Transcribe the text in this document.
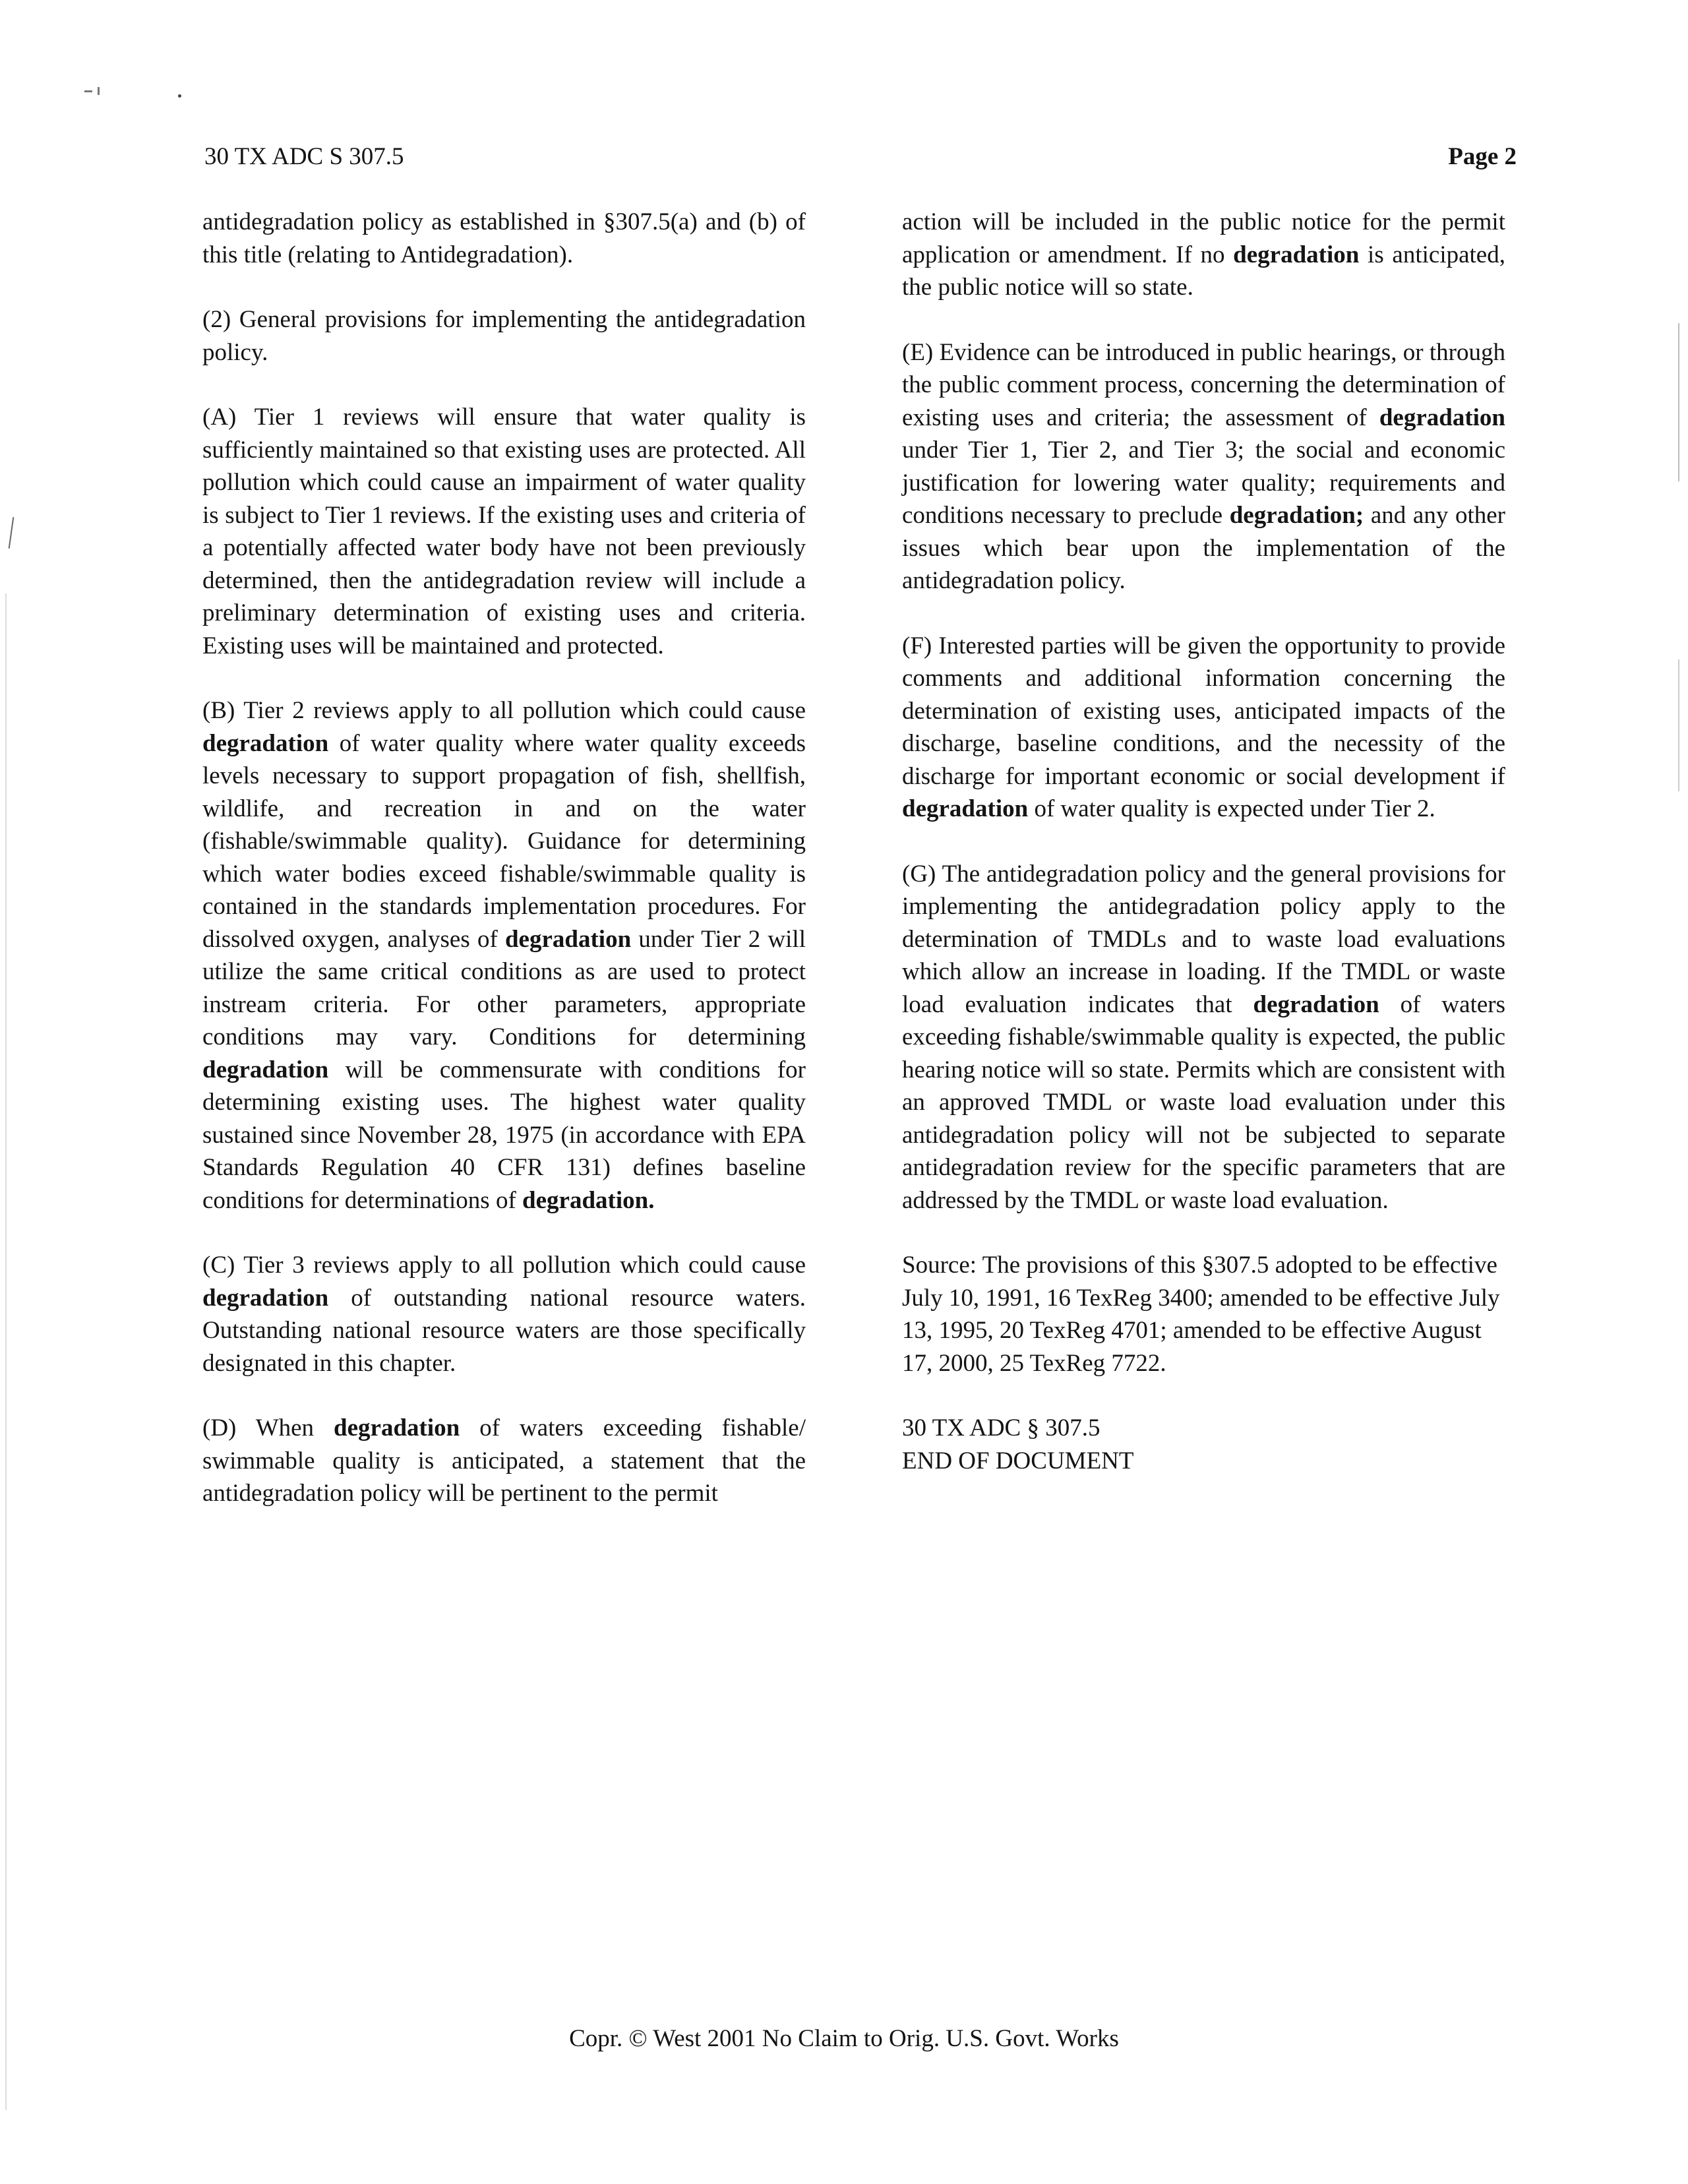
30 TX ADC S 307.5	Page 2

antidegradation policy as established in §307.5(a) and (b) of this title (relating to Antidegradation).

(2) General provisions for implementing the antidegradation policy.

(A) Tier 1 reviews will ensure that water quality is sufficiently maintained so that existing uses are protected. All pollution which could cause an impairment of water quality is subject to Tier 1 reviews. If the existing uses and criteria of a potentially affected water body have not been previously determined, then the antidegradation review will include a preliminary determination of existing uses and criteria. Existing uses will be maintained and protected.

(B) Tier 2 reviews apply to all pollution which could cause degradation of water quality where water quality exceeds levels necessary to support propagation of fish, shellfish, wildlife, and recreation in and on the water (fishable/swimmable quality). Guidance for determining which water bodies exceed fishable/swimmable quality is contained in the standards implementation procedures. For dissolved oxygen, analyses of degradation under Tier 2 will utilize the same critical conditions as are used to protect instream criteria. For other parameters, appropriate conditions may vary. Conditions for determining degradation will be commensurate with conditions for determining existing uses. The highest water quality sustained since November 28, 1975 (in accordance with EPA Standards Regulation 40 CFR 131) defines baseline conditions for determinations of degradation.

(C) Tier 3 reviews apply to all pollution which could cause degradation of outstanding national resource waters. Outstanding national resource waters are those specifically designated in this chapter.

(D) When degradation of waters exceeding fishable/ swimmable quality is anticipated, a statement that the antidegradation policy will be pertinent to the permit

action will be included in the public notice for the permit application or amendment. If no degradation is anticipated, the public notice will so state.

(E) Evidence can be introduced in public hearings, or through the public comment process, concerning the determination of existing uses and criteria; the assessment of degradation under Tier 1, Tier 2, and Tier 3; the social and economic justification for lowering water quality; requirements and conditions necessary to preclude degradation; and any other issues which bear upon the implementation of the antidegradation policy.

(F) Interested parties will be given the opportunity to provide comments and additional information concerning the determination of existing uses, anticipated impacts of the discharge, baseline conditions, and the necessity of the discharge for important economic or social development if degradation of water quality is expected under Tier 2.

(G) The antidegradation policy and the general provisions for implementing the antidegradation policy apply to the determination of TMDLs and to waste load evaluations which allow an increase in loading. If the TMDL or waste load evaluation indicates that degradation of waters exceeding fishable/swimmable quality is expected, the public hearing notice will so state. Permits which are consistent with an approved TMDL or waste load evaluation under this antidegradation policy will not be subjected to separate antidegradation review for the specific parameters that are addressed by the TMDL or waste load evaluation.

Source: The provisions of this §307.5 adopted to be effective July 10, 1991, 16 TexReg 3400; amended to be effective July 13, 1995, 20 TexReg 4701; amended to be effective August 17, 2000, 25 TexReg 7722.

30 TX ADC § 307.5
END OF DOCUMENT

Copr. © West 2001 No Claim to Orig. U.S. Govt. Works
